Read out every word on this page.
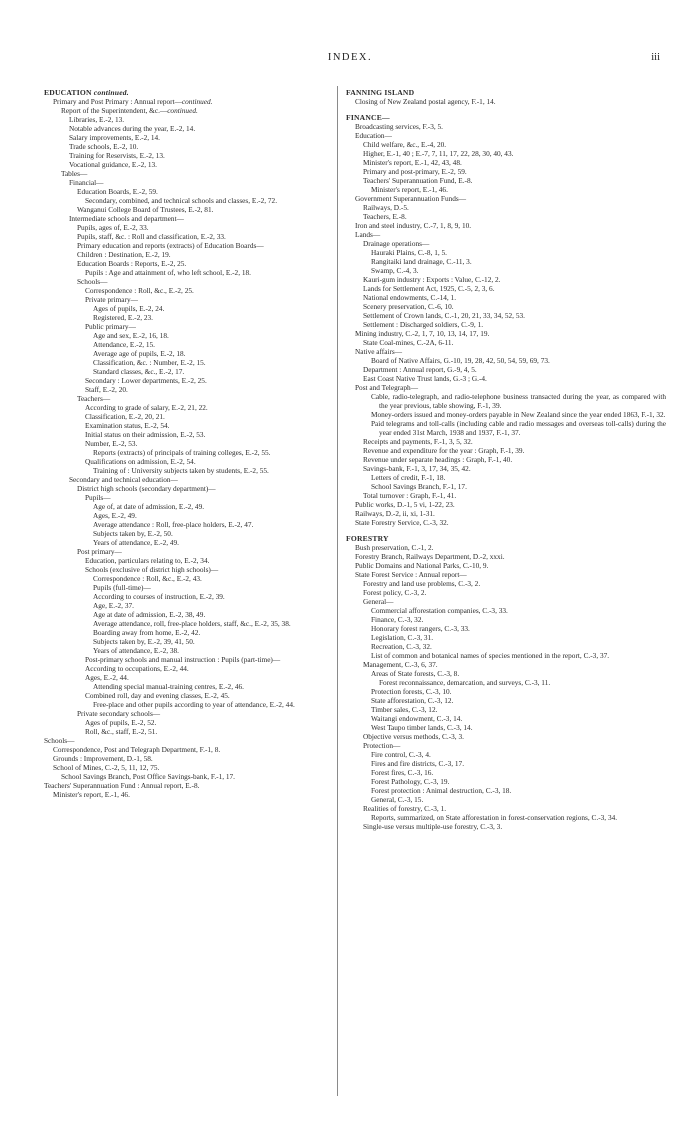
INDEX.	iii

EDUCATION continued.

Primary and Post Primary : Annual report—continued.

Report of the Superintendent, &c.—continued.

Libraries, E.-2, 13.

Notable advances during the year, E.-2, 14.

Salary improvements, E.-2, 14.

Trade schools, E.-2, 10.

Training for Reservists, E.-2, 13.

Vocational guidance, E.-2, 13.

Tables—

Financial—

Education Boards, E.-2, 59.

Secondary, combined, and technical schools and classes, E.-2, 72.

Wanganui College Board of Trustees, E.-2, 81.

Intermediate schools and department—

Pupils, ages of, E.-2, 33.

Pupils, staff, &c. : Roll and classification, E.-2, 33.

Primary education and reports (extracts) of Education Boards—

Children : Destination, E.-2, 19.

Education Boards : Reports, E.-2, 25.

Pupils : Age and attainment of, who left school, E.-2, 18.

Schools—

Correspondence : Roll, &c., E.-2, 25.

Private primary—

Ages of pupils, E.-2, 24.

Registered, E.-2, 23.

Public primary—

Age and sex, E.-2, 16, 18.

Attendance, E.-2, 15.

Average age of pupils, E.-2, 18.

Classification, &c. : Number, E.-2, 15.

Standard classes, &c., E.-2, 17.

Secondary : Lower departments, E.-2, 25.

Staff, E.-2, 20.

Teachers—

According to grade of salary, E.-2, 21, 22.

Classification, E.-2, 20, 21.

Examination status, E.-2, 54.

Initial status on their admission, E.-2, 53.

Number, E.-2, 53.

Reports (extracts) of principals of training colleges, E.-2, 55.

Qualifications on admission, E.-2, 54.

Training of : University subjects taken by students, E.-2, 55.

Secondary and technical education—

District high schools (secondary department)—

Pupils—

Age of, at date of admission, E.-2, 49.

Ages, E.-2, 49.

Average attendance : Roll, free-place holders, E.-2, 47.

Subjects taken by, E.-2, 50.

Years of attendance, E.-2, 49.

Post primary—

Education, particulars relating to, E.-2, 34.

Schools (exclusive of district high schools)—

Correspondence : Roll, &c., E.-2, 43.

Pupils (full-time)—

According to courses of instruction, E.-2, 39.

Age, E.-2, 37.

Age at date of admission, E.-2, 38, 49.

Average attendance, roll, free-place holders, staff, &c., E.-2, 35, 38.

Boarding away from home, E.-2, 42.

Subjects taken by, E.-2, 39, 41, 50.

Years of attendance, E.-2, 38.

Post-primary schools and manual instruction : Pupils (part-time)—

According to occupations, E.-2, 44.

Ages, E.-2, 44.

Attending special manual-training centres, E.-2, 46.

Combined roll, day and evening classes, E.-2, 45.

Free-place and other pupils according to year of attendance, E.-2, 44.

Private secondary schools—

Ages of pupils, E.-2, 52.

Roll, &c., staff, E.-2, 51.

Schools—

Correspondence, Post and Telegraph Department, F.-1, 8.

Grounds : Improvement, D.-1, 58.

School of Mines, C.-2, 5, 11, 12, 75.

School Savings Branch, Post Office Savings-bank, F.-1, 17.

Teachers' Superannuation Fund : Annual report, E.-8.

Minister's report, E.-1, 46.

FANNING ISLAND

Closing of New Zealand postal agency, F.-1, 14.

FINANCE—

Broadcasting services, F.-3, 5.

Education—

Child welfare, &c., E.-4, 20.

Higher, E.-1, 40 ; E.-7, 7, 11, 17, 22, 28, 30, 40, 43.

Minister's report, E.-1, 42, 43, 48.

Primary and post-primary, E.-2, 59.

Teachers' Superannuation Fund, E.-8.

Minister's report, E.-1, 46.

Government Superannuation Funds—

Railways, D.-5.

Teachers, E.-8.

Iron and steel industry, C.-7, 1, 8, 9, 10.

Lands—

Drainage operations—

Hauraki Plains, C.-8, 1, 5.

Rangitaiki land drainage, C.-11, 3.

Swamp, C.-4, 3.

Kauri-gum industry : Exports : Value, C.-12, 2.

Lands for Settlement Act, 1925, C.-5, 2, 3, 6.

National endowments, C.-14, 1.

Scenery preservation, C.-6, 10.

Settlement of Crown lands, C.-1, 20, 21, 33, 34, 52, 53.

Settlement : Discharged soldiers, C.-9, 1.

Mining industry, C.-2, 1, 7, 10, 13, 14, 17, 19.

State Coal-mines, C.-2A, 6-11.

Native affairs—

Board of Native Affairs, G.-10, 19, 28, 42, 50, 54, 59, 69, 73.

Department : Annual report, G.-9, 4, 5.

East Coast Native Trust lands, G.-3 ; G.-4.

Post and Telegraph—

Cable, radio-telegraph, and radio-telephone business transacted during the year, as compared with the year previous, table showing, F.-1, 39.

Money-orders issued and money-orders payable in New Zealand since the year ended 1863, F.-1, 32.

Paid telegrams and toll-calls (including cable and radio messages and overseas toll-calls) during the year ended 31st March, 1938 and 1937, F.-1, 37.

Receipts and payments, F.-1, 3, 5, 32.

Revenue and expenditure for the year : Graph, F.-1, 39.

Revenue under separate headings : Graph, F.-1, 40.

Savings-bank, F.-1, 3, 17, 34, 35, 42.

Letters of credit, F.-1, 18.

School Savings Branch, F.-1, 17.

Total turnover : Graph, F.-1, 41.

Public works, D.-1, 5 vi, 1-22, 23.

Railways, D.-2, ii, xi, 1-31.

State Forestry Service, C.-3, 32.

FORESTRY

Bush preservation, C.-1, 2.

Forestry Branch, Railways Department, D.-2, xxxi.

Public Domains and National Parks, C.-10, 9.

State Forest Service : Annual report—

Forestry and land use problems, C.-3, 2.

Forest policy, C.-3, 2.

General—

Commercial afforestation companies, C.-3, 33.

Finance, C.-3, 32.

Honorary forest rangers, C.-3, 33.

Legislation, C.-3, 31.

Recreation, C.-3, 32.

List of common and botanical names of species mentioned in the report, C.-3, 37.

Management, C.-3, 6, 37.

Areas of State forests, C.-3, 8.

Forest reconnaissance, demarcation, and surveys, C.-3, 11.

Protection forests, C.-3, 10.

State afforestation, C.-3, 12.

Timber sales, C.-3, 12.

Waitangi endowment, C.-3, 14.

West Taupo timber lands, C.-3, 14.

Objective versus methods, C.-3, 3.

Protection—

Fire control, C.-3, 4.

Fires and fire districts, C.-3, 17.

Forest fires, C.-3, 16.

Forest Pathology, C.-3, 19.

Forest protection : Animal destruction, C.-3, 18.

General, C.-3, 15.

Realities of forestry, C.-3, 1.

Reports, summarized, on State afforestation in forest-conservation regions, C.-3, 34.

Single-use versus multiple-use forestry, C.-3, 3.
